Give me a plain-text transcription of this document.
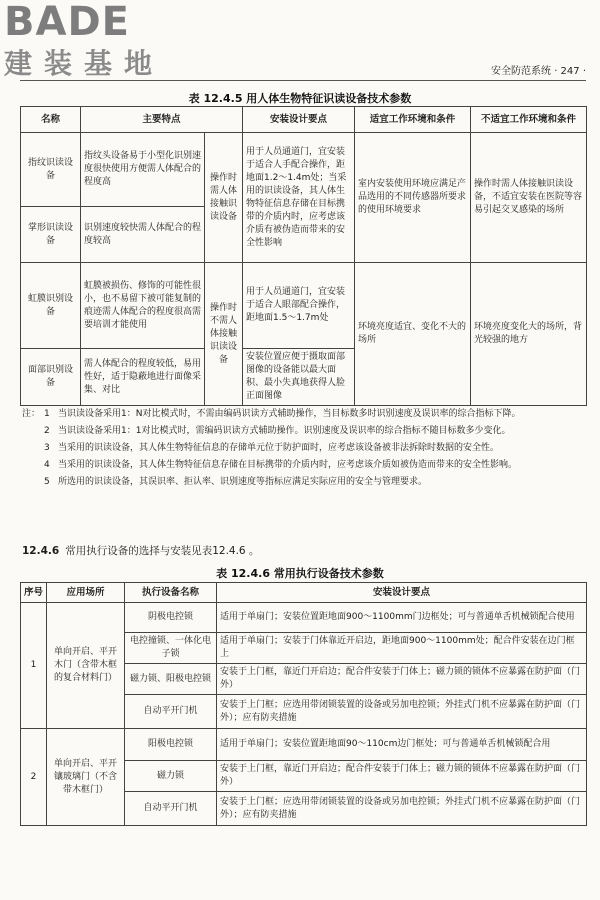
BADE
建装基地	安全防范系统 · 247 ·
表 12.4.5 用人体生物特征识读设备技术参数
名称	主要特点		安装设计要点	适宜工作环境和条件	不适宜工作环境和条件
指纹识读设备	指纹头设备易于小型化识别速度很快使用方便需人体配合的程度高	操作时需人体接触识读设备	用于人员通道门，宜安装于适合人手配合操作，距地面1.2～1.4m处；当采用的识读设备，其人体生物特征信息存储在目标携带的介质内时，应考虑该介质有被伪造而带来的安全性影响	室内安装使用环境应满足产品选用的不同传感器所要求的使用环境要求	操作时需人体接触识读设备，不适宜安装在医院等容易引起交叉感染的场所
掌形识读设备	识别速度较快需人体配合的程度较高				
虹膜识别设备	虹膜被损伤、修饰的可能性很小，也不易留下被可能复制的痕迹需人体配合的程度很高需要培训才能使用	操作时不需人体接触识读设备	用于人员通道门，宜安装于适合人眼部配合操作，距地面1.5～1.7m处	环境亮度适宜、变化不大的场所	环境亮度变化大的场所，背光较强的地方
面部识别设备	需人体配合的程度较低，易用性好，适于隐蔽地进行面像采集、对比		安装位置应便于摄取面部图像的设备能以最大面积、最小失真地获得人脸正面图像		
注： 1 当识读设备采用1：N对比模式时，不需由编码识读方式辅助操作，当目标数多时识别速度及误识率的综合指标下降。
2 当识读设备采用1：1对比模式时，需编码识读方式辅助操作。识别速度及误识率的综合指标不随目标数多少变化。
3 当采用的识读设备，其人体生物特征信息的存储单元位于防护面时，应考虑该设备被非法拆除时数据的安全性。
4 当采用的识读设备，其人体生物特征信息存储在目标携带的介质内时，应考虑该介质如被伪造而带来的安全性影响。
5 所选用的识读设备，其误识率、拒认率、识别速度等指标应满足实际应用的安全与管理要求。
12.4.6 常用执行设备的选择与安装见表12.4.6 。
表 12.4.6 常用执行设备技术参数
序号	应用场所	执行设备名称	安装设计要点
1	单向开启、平开木门（含带木框的复合材料门）	阴极电控锁	适用于单扇门；安装位置距地面900～1100mm门边框处；可与普通单舌机械锁配合使用
		电控撞锁、一体化电子锁	适用于单扇门；安装于门体靠近开启边，距地面900～1100mm处；配合件安装在边门框上
		磁力锁、阳极电控锁	安装于上门框，靠近门开启边；配合件安装于门体上；磁力锁的锁体不应暴露在防护面（门外）
		自动平开门机	安装于上门框；应选用带闭锁装置的设备或另加电控锁；外挂式门机不应暴露在防护面（门外）；应有防夹措施
2	单向开启、平开镶玻璃门（不含带木框门）	阳极电控锁	适用于单扇门；安装位置距地面90～110cm边门框处；可与普通单舌机械锁配合用
		磁力锁	安装于上门框，靠近门开启边；配合件安装于门体上；磁力锁的锁体不应暴露在防护面（门外）
		自动平开门机	安装于上门框；应选用带闭锁装置的设备或另加电控锁；外挂式门机不应暴露在防护面（门外）；应有防夹措施
